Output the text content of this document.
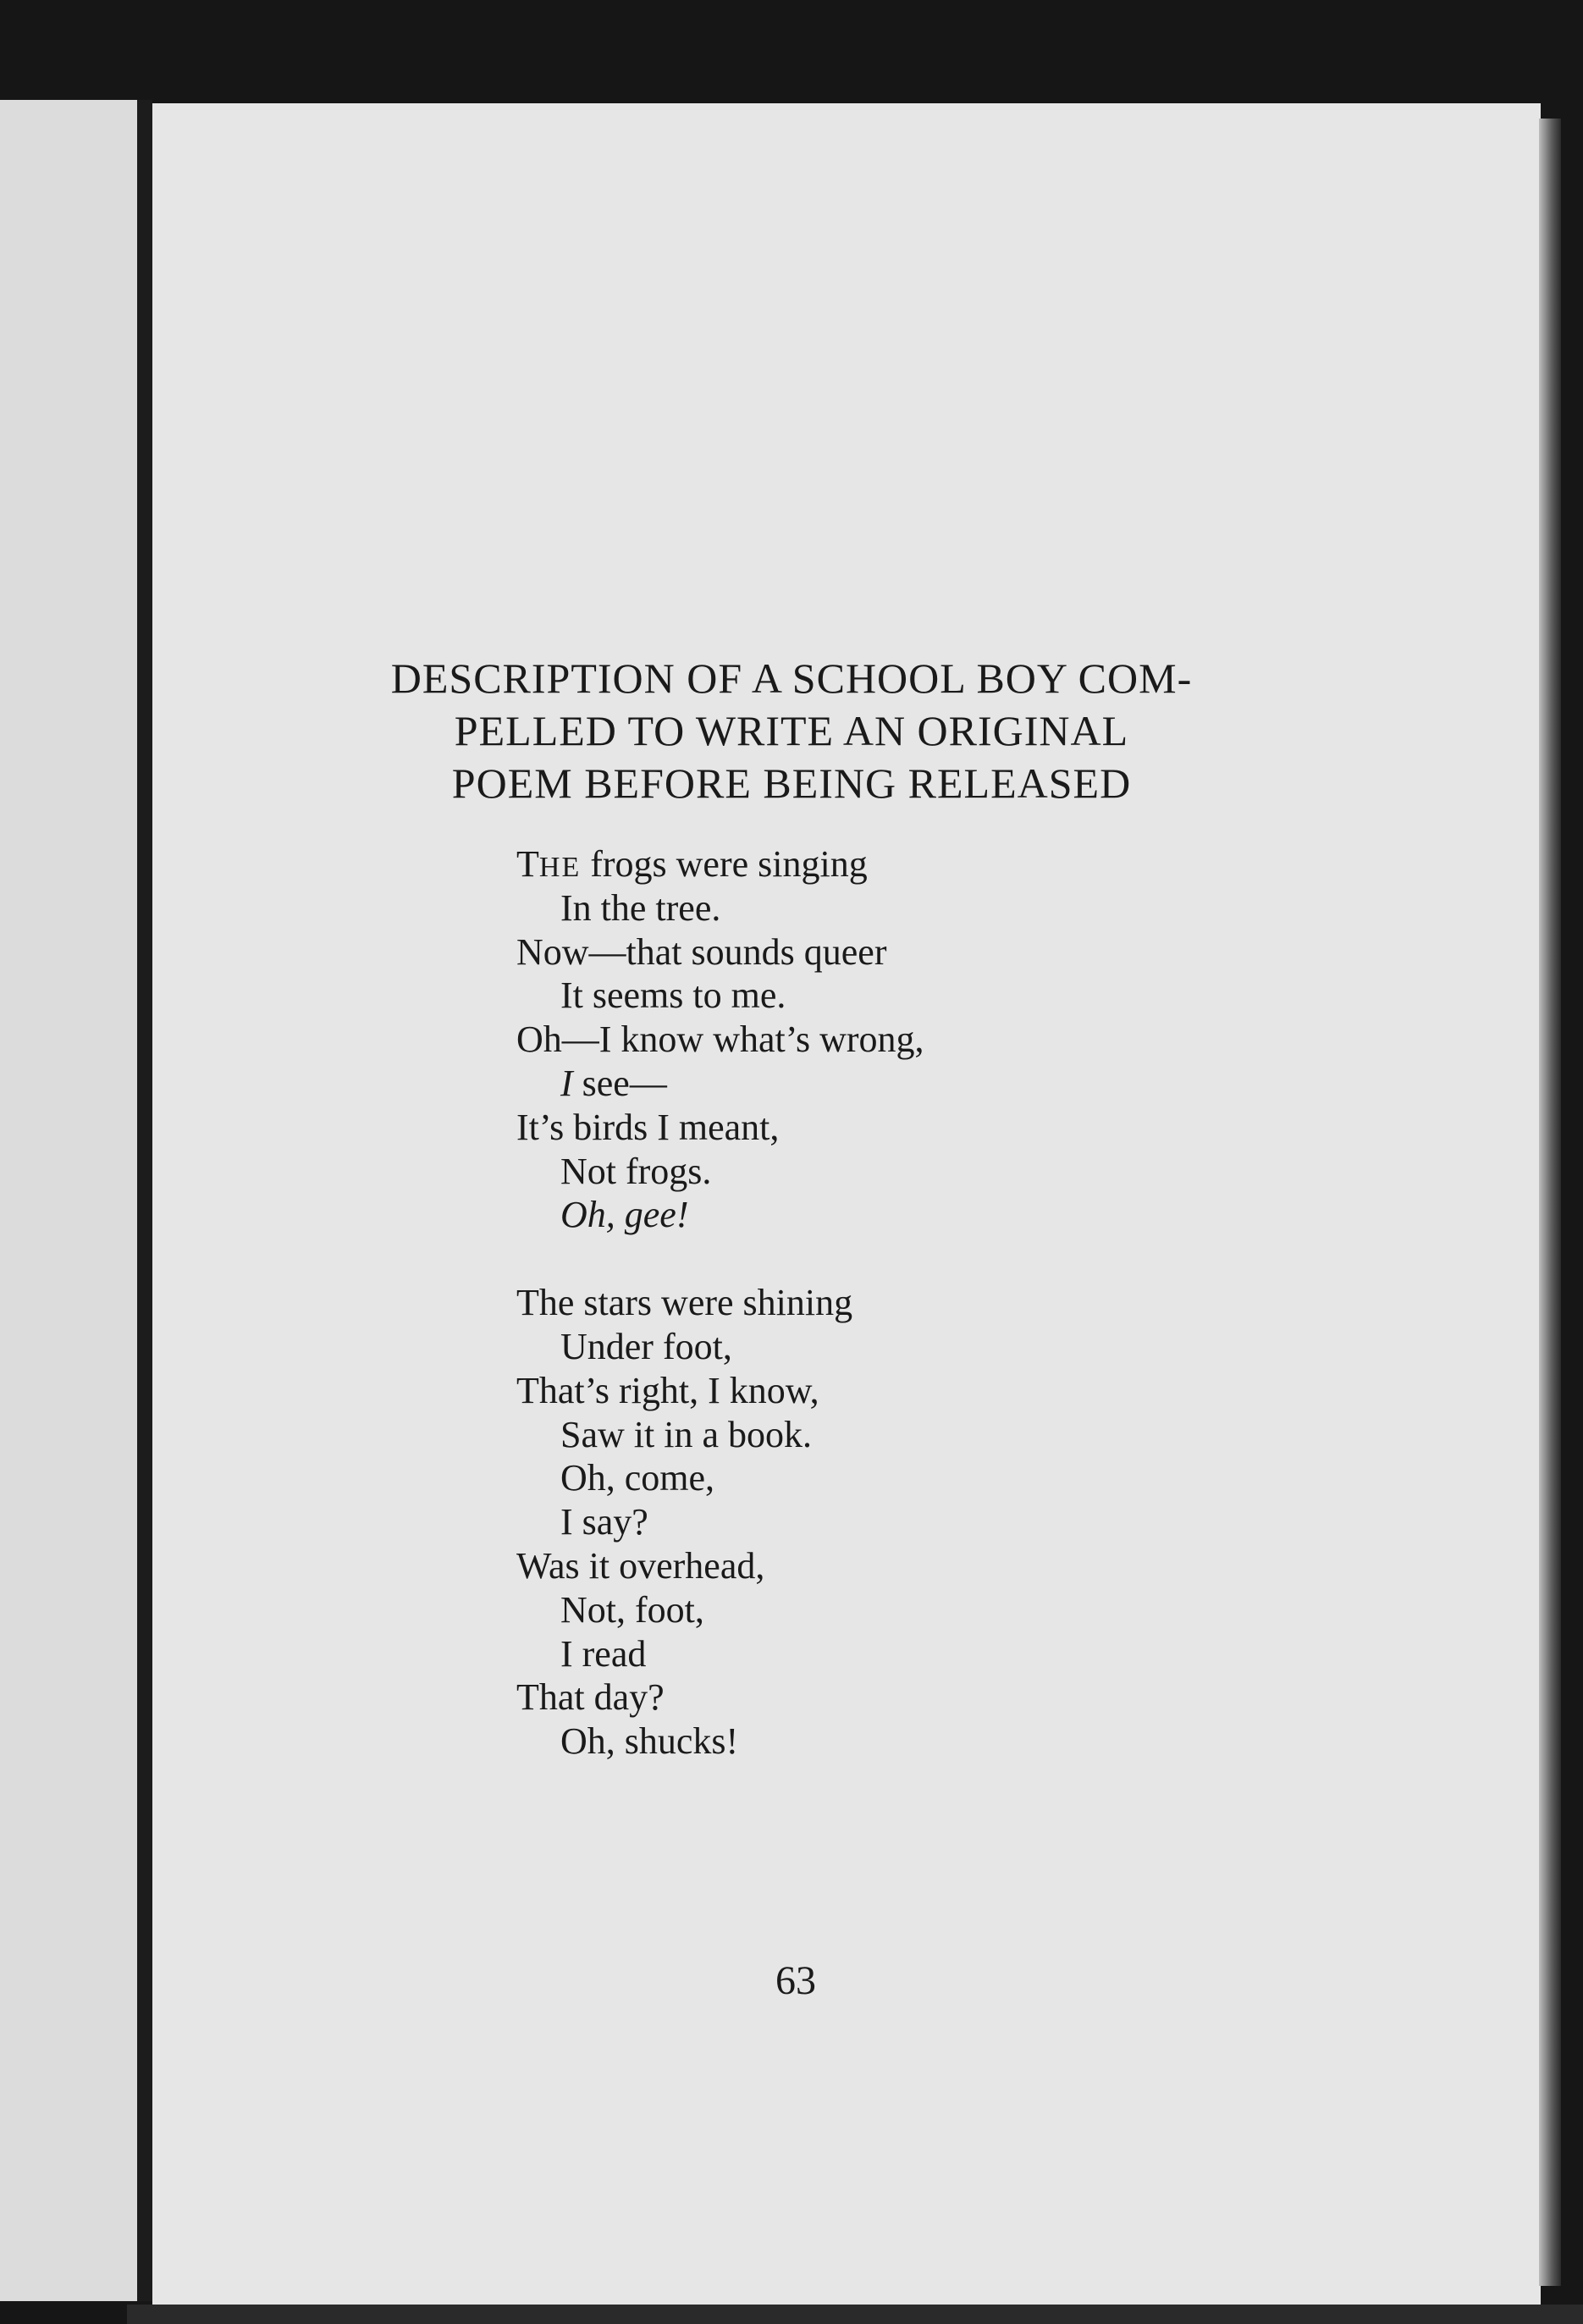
DESCRIPTION OF A SCHOOL BOY COM-
PELLED TO WRITE AN ORIGINAL
POEM BEFORE BEING RELEASED
THE frogs were singing
In the tree.
Now—that sounds queer
It seems to me.
Oh—I know what’s wrong,
I see—
It’s birds I meant,
Not frogs.
Oh, gee!
The stars were shining
Under foot,
That’s right, I know,
Saw it in a book.
Oh, come,
I say?
Was it overhead,
Not, foot,
I read
That day?
Oh, shucks!
63
